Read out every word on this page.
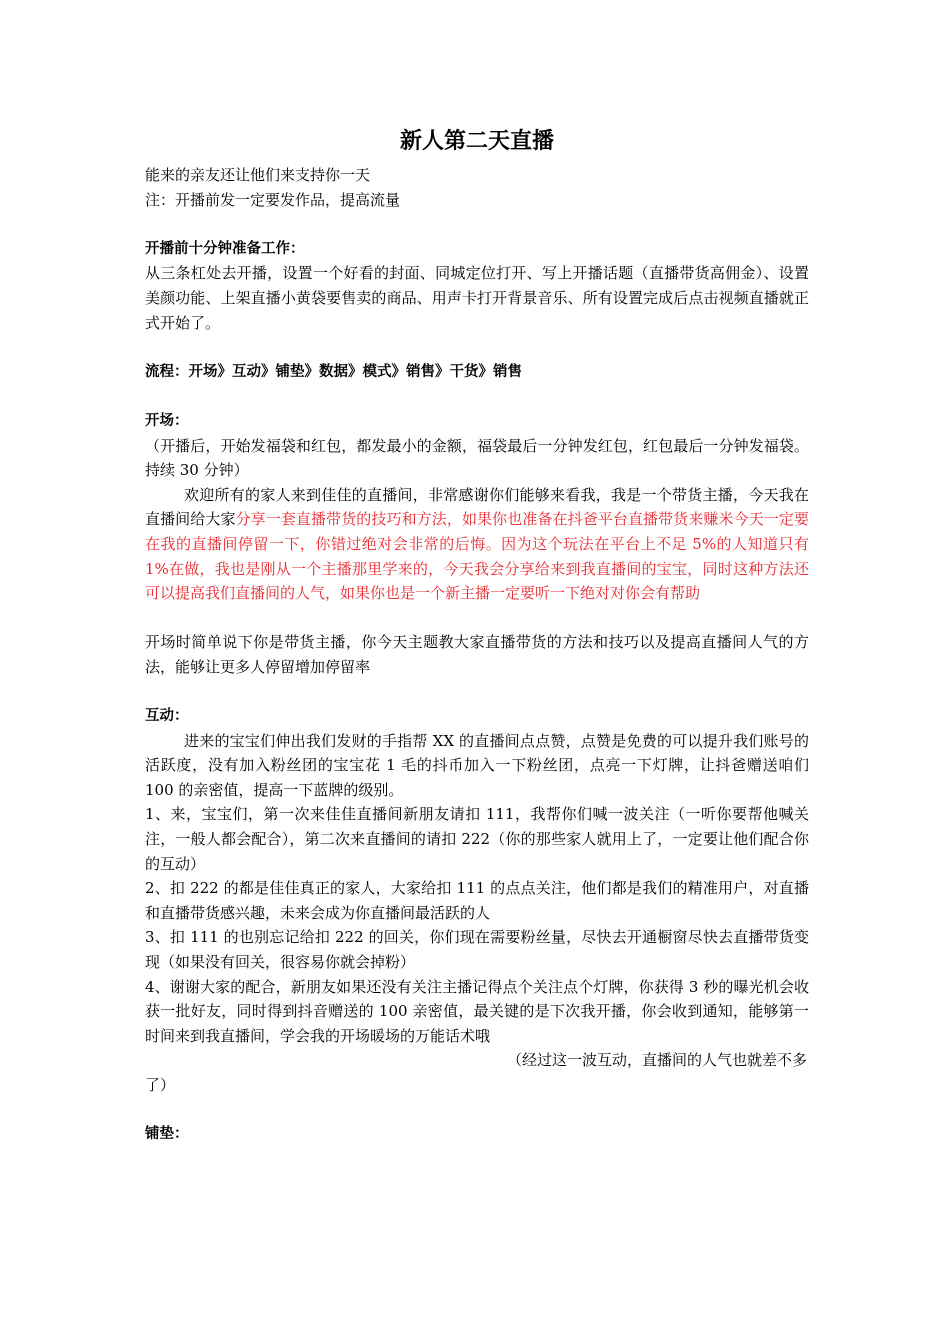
新人第二天直播

能来的亲友还让他们来支持你一天

注：开播前发一定要发作品，提高流量

开播前十分钟准备工作：

从三条杠处去开播，设置一个好看的封面、同城定位打开、写上开播话题（直播带货高佣金）、设置美颜功能、上架直播小黄袋要售卖的商品、用声卡打开背景音乐、所有设置完成后点击视频直播就正式开始了。

流程：开场》互动》铺垫》数据》模式》销售》干货》销售

开场：

（开播后，开始发福袋和红包，都发最小的金额，福袋最后一分钟发红包，红包最后一分钟发福袋。持续 30 分钟）

欢迎所有的家人来到佳佳的直播间，非常感谢你们能够来看我，我是一个带货主播，今天我在直播间给大家分享一套直播带货的技巧和方法，如果你也准备在抖爸平台直播带货来赚米今天一定要在我的直播间停留一下，你错过绝对会非常的后悔。因为这个玩法在平台上不足 5%的人知道只有 1%在做，我也是刚从一个主播那里学来的，今天我会分享给来到我直播间的宝宝，同时这种方法还可以提高我们直播间的人气，如果你也是一个新主播一定要听一下绝对对你会有帮助

开场时简单说下你是带货主播，你今天主题教大家直播带货的方法和技巧以及提高直播间人气的方法，能够让更多人停留增加停留率

互动：

进来的宝宝们伸出我们发财的手指帮 XX 的直播间点点赞，点赞是免费的可以提升我们账号的活跃度，没有加入粉丝团的宝宝花 1 毛的抖币加入一下粉丝团，点亮一下灯牌，让抖爸赠送咱们 100 的亲密值，提高一下蓝牌的级别。

1、来，宝宝们，第一次来佳佳直播间新朋友请扣 111，我帮你们喊一波关注（一听你要帮他喊关注，一般人都会配合），第二次来直播间的请扣 222（你的那些家人就用上了，一定要让他们配合你的互动）

2、扣 222 的都是佳佳真正的家人，大家给扣 111 的点点关注，他们都是我们的精准用户，对直播和直播带货感兴趣，未来会成为你直播间最活跃的人

3、扣 111 的也别忘记给扣 222 的回关，你们现在需要粉丝量，尽快去开通橱窗尽快去直播带货变现（如果没有回关，很容易你就会掉粉）

4、谢谢大家的配合，新朋友如果还没有关注主播记得点个关注点个灯牌，你获得 3 秒的曝光机会收获一批好友，同时得到抖音赠送的 100 亲密值，最关键的是下次我开播，你会收到通知，能够第一时间来到我直播间，学会我的开场暖场的万能话术哦

（经过这一波互动，直播间的人气也就差不多

了）

铺垫：
